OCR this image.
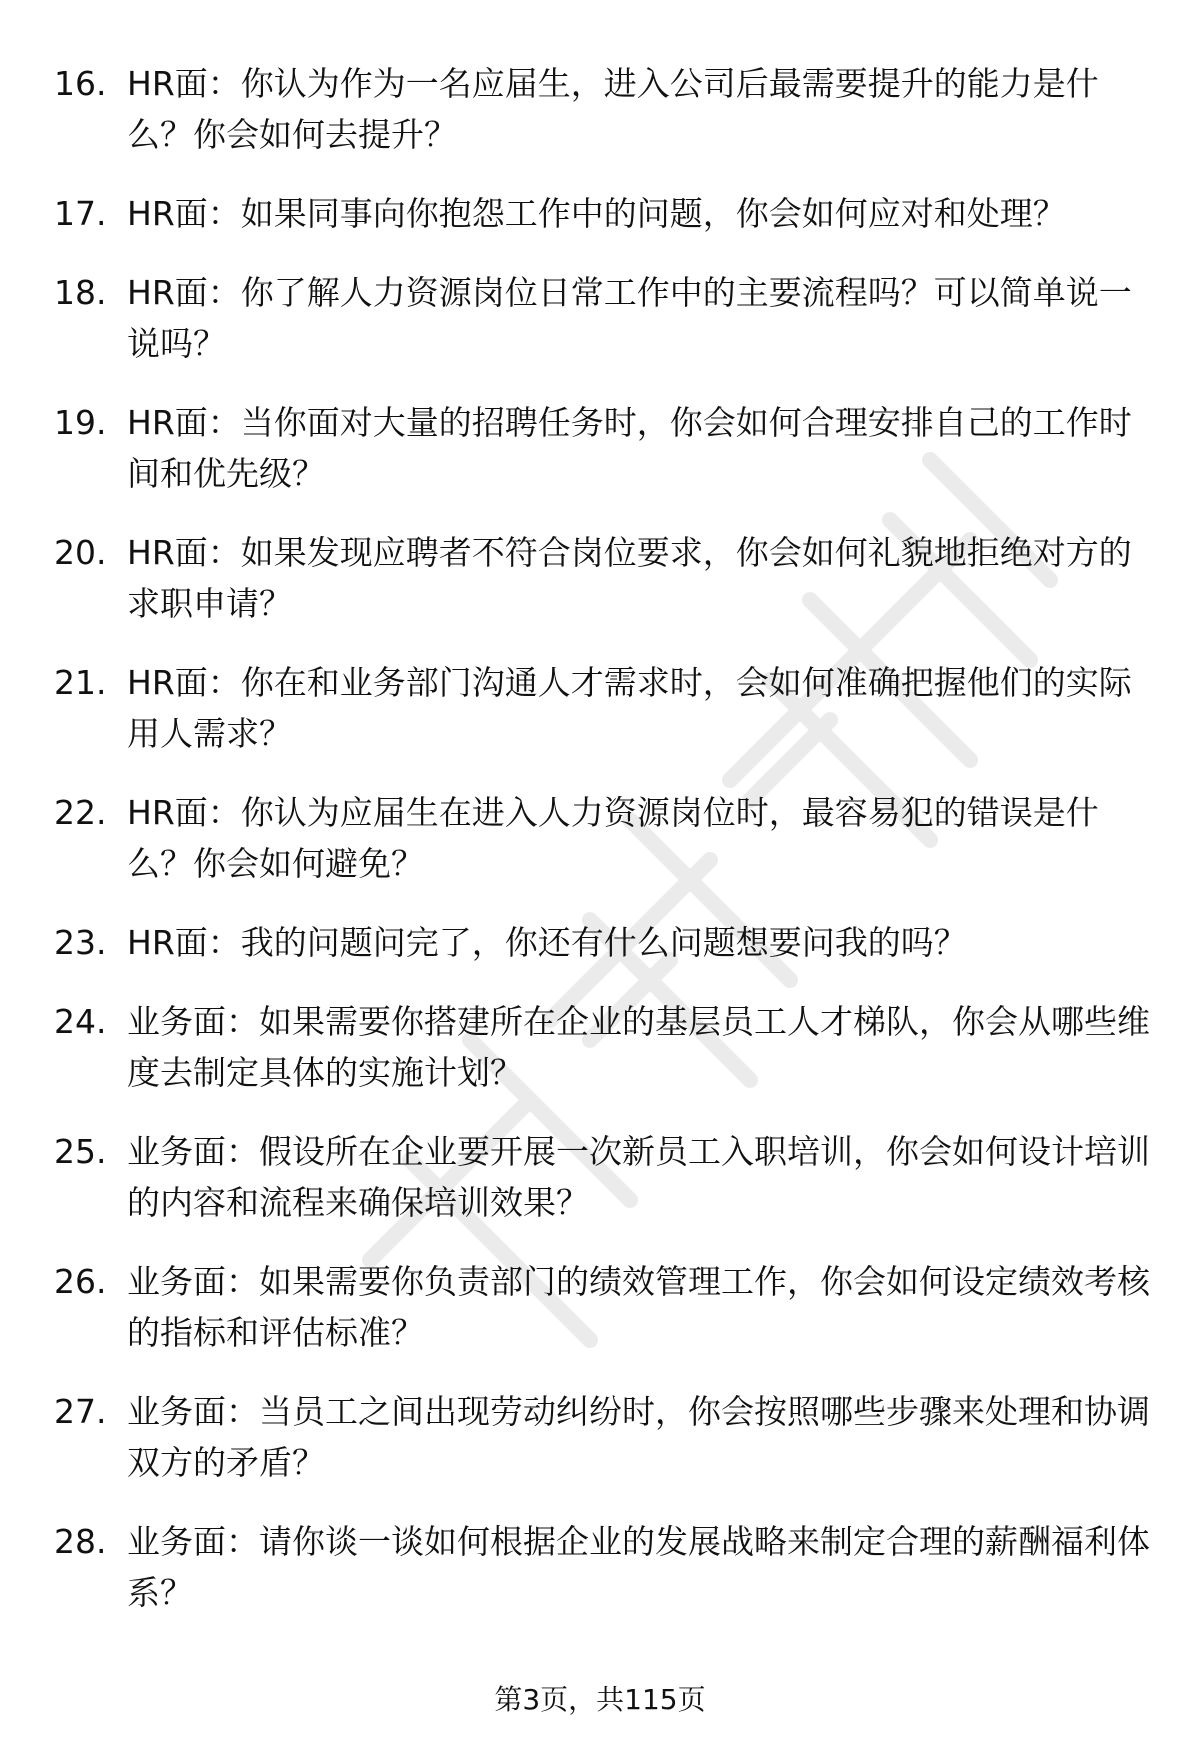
16. HR面：你认为作为一名应届生，进入公司后最需要提升的能力是什么？你会如何去提升？
17. HR面：如果同事向你抱怨工作中的问题，你会如何应对和处理？
18. HR面：你了解人力资源岗位日常工作中的主要流程吗？可以简单说一说吗？
19. HR面：当你面对大量的招聘任务时，你会如何合理安排自己的工作时间和优先级？
20. HR面：如果发现应聘者不符合岗位要求，你会如何礼貌地拒绝对方的求职申请？
21. HR面：你在和业务部门沟通人才需求时，会如何准确把握他们的实际用人需求？
22. HR面：你认为应届生在进入人力资源岗位时，最容易犯的错误是什么？你会如何避免？
23. HR面：我的问题问完了，你还有什么问题想要问我的吗？
24. 业务面：如果需要你搭建所在企业的基层员工人才梯队，你会从哪些维度去制定具体的实施计划？
25. 业务面：假设所在企业要开展一次新员工入职培训，你会如何设计培训的内容和流程来确保培训效果？
26. 业务面：如果需要你负责部门的绩效管理工作，你会如何设定绩效考核的指标和评估标准？
27. 业务面：当员工之间出现劳动纠纷时，你会按照哪些步骤来处理和协调双方的矛盾？
28. 业务面：请你谈一谈如何根据企业的发展战略来制定合理的薪酬福利体系？
第3页，共115页
